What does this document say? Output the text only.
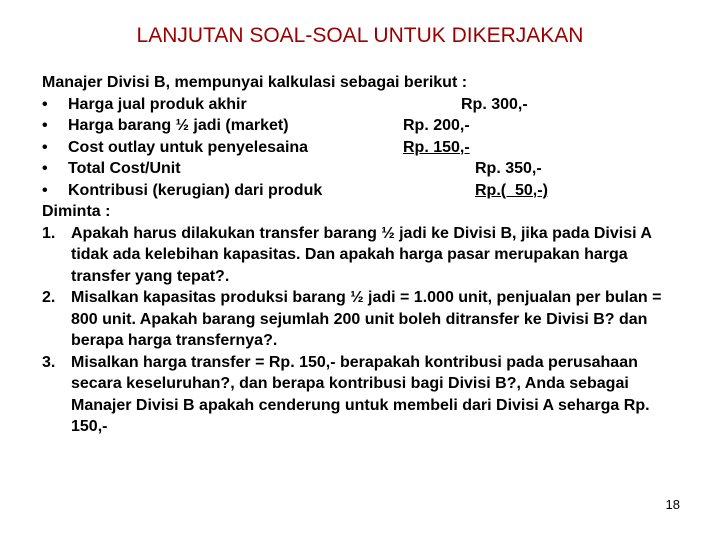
LANJUTAN SOAL-SOAL UNTUK DIKERJAKAN
Manajer Divisi B, mempunyai kalkulasi sebagai berikut :
• Harga jual produk akhir	Rp. 300,-
• Harga barang ½ jadi (market)	Rp. 200,-
• Cost outlay untuk penyelesaina	Rp. 150,-
• Total Cost/Unit	Rp. 350,-
• Kontribusi (kerugian) dari produk	Rp.(  50,-)
Diminta :
1. Apakah harus dilakukan transfer barang ½ jadi ke Divisi B, jika pada Divisi A tidak ada kelebihan kapasitas. Dan apakah harga pasar merupakan harga transfer yang tepat?.
2. Misalkan kapasitas produksi barang ½ jadi = 1.000 unit, penjualan per bulan = 800 unit. Apakah barang sejumlah 200 unit boleh ditransfer ke Divisi B? dan berapa harga transfernya?.
3. Misalkan harga transfer = Rp. 150,- berapakah kontribusi pada perusahaan secara keseluruhan?, dan berapa kontribusi bagi Divisi B?, Anda sebagai Manajer Divisi B apakah cenderung untuk membeli dari Divisi A seharga Rp. 150,-
18
